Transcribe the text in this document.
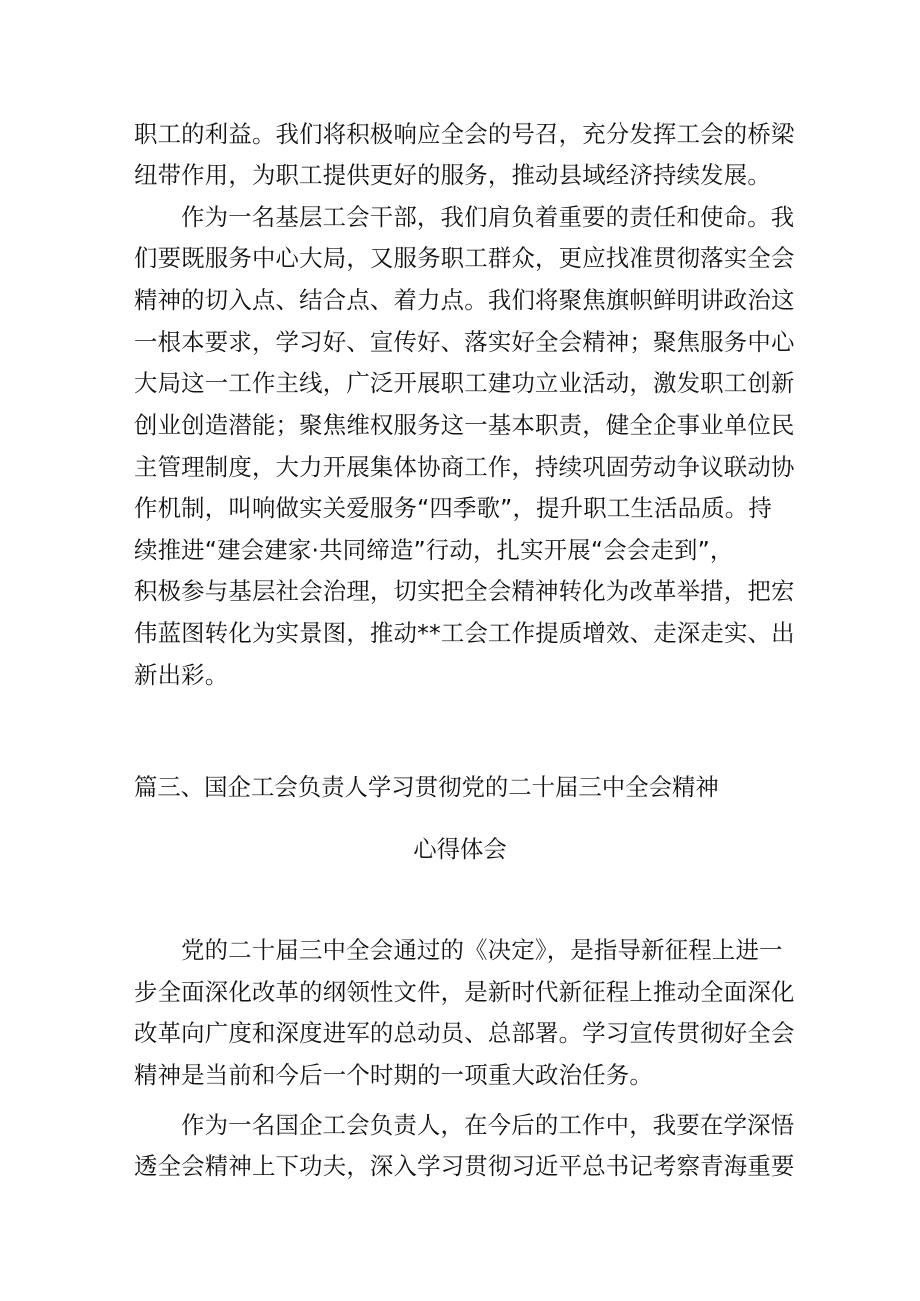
职工的利益。我们将积极响应全会的号召，充分发挥工会的桥梁
纽带作用，为职工提供更好的服务，推动县域经济持续发展。
作为一名基层工会干部，我们肩负着重要的责任和使命。我
们要既服务中心大局，又服务职工群众，更应找准贯彻落实全会
精神的切入点、结合点、着力点。我们将聚焦旗帜鲜明讲政治这
一根本要求，学习好、宣传好、落实好全会精神；聚焦服务中心
大局这一工作主线，广泛开展职工建功立业活动，激发职工创新
创业创造潜能；聚焦维权服务这一基本职责，健全企事业单位民
主管理制度，大力开展集体协商工作，持续巩固劳动争议联动协
作机制，叫响做实关爱服务“四季歌”，提升职工生活品质。持
续推进“建会建家·共同缔造”行动，扎实开展“会会走到”，
积极参与基层社会治理，切实把全会精神转化为改革举措，把宏
伟蓝图转化为实景图，推动**工会工作提质增效、走深走实、出
新出彩。
篇三、国企工会负责人学习贯彻党的二十届三中全会精神
心得体会
党的二十届三中全会通过的《决定》，是指导新征程上进一
步全面深化改革的纲领性文件，是新时代新征程上推动全面深化
改革向广度和深度进军的总动员、总部署。学习宣传贯彻好全会
精神是当前和今后一个时期的一项重大政治任务。
作为一名国企工会负责人，在今后的工作中，我要在学深悟
透全会精神上下功夫，深入学习贯彻习近平总书记考察青海重要
